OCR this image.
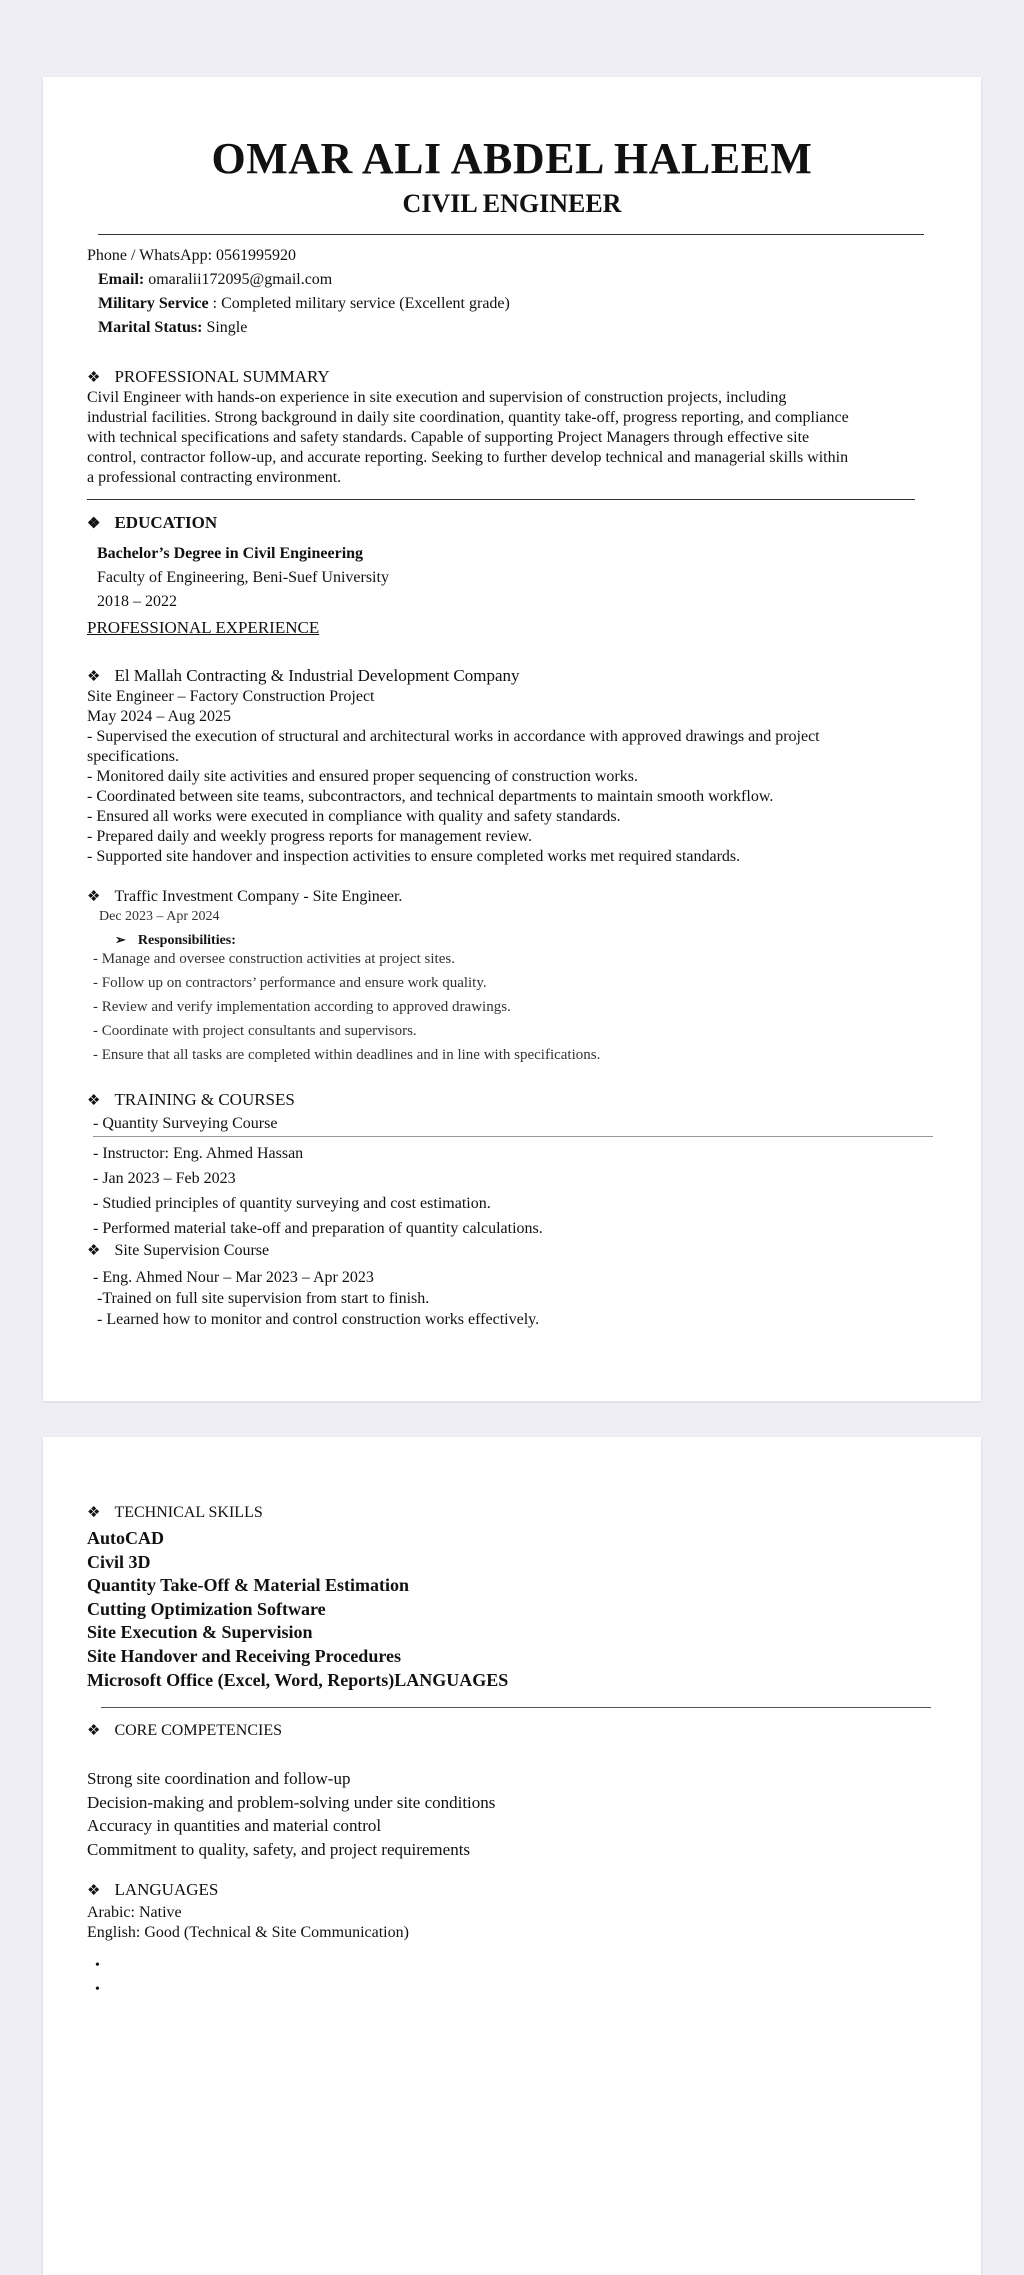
OMAR ALI ABDEL HALEEM
CIVIL ENGINEER
Phone / WhatsApp: 0561995920
Email: omaralii172095@gmail.com
Military Service : Completed military service (Excellent grade)
Marital Status: Single
❖ PROFESSIONAL SUMMARY
Civil Engineer with hands-on experience in site execution and supervision of construction projects, including
industrial facilities. Strong background in daily site coordination, quantity take-off, progress reporting, and compliance
with technical specifications and safety standards. Capable of supporting Project Managers through effective site
control, contractor follow-up, and accurate reporting. Seeking to further develop technical and managerial skills within
a professional contracting environment.
❖ EDUCATION
Bachelor’s Degree in Civil Engineering
Faculty of Engineering, Beni-Suef University
2018 – 2022
PROFESSIONAL EXPERIENCE
❖ El Mallah Contracting & Industrial Development Company
Site Engineer – Factory Construction Project
May 2024 – Aug 2025
- Supervised the execution of structural and architectural works in accordance with approved drawings and project
specifications.
- Monitored daily site activities and ensured proper sequencing of construction works.
- Coordinated between site teams, subcontractors, and technical departments to maintain smooth workflow.
- Ensured all works were executed in compliance with quality and safety standards.
- Prepared daily and weekly progress reports for management review.
- Supported site handover and inspection activities to ensure completed works met required standards.
❖ Traffic Investment Company - Site Engineer.
Dec 2023 – Apr 2024
➢ Responsibilities:
- Manage and oversee construction activities at project sites.
- Follow up on contractors’ performance and ensure work quality.
- Review and verify implementation according to approved drawings.
- Coordinate with project consultants and supervisors.
- Ensure that all tasks are completed within deadlines and in line with specifications.
❖ TRAINING & COURSES
- Quantity Surveying Course
- Instructor: Eng. Ahmed Hassan
- Jan 2023 – Feb 2023
- Studied principles of quantity surveying and cost estimation.
- Performed material take-off and preparation of quantity calculations.
❖ Site Supervision Course
- Eng. Ahmed Nour – Mar 2023 – Apr 2023
-Trained on full site supervision from start to finish.
- Learned how to monitor and control construction works effectively.
❖ TECHNICAL SKILLS
AutoCAD
Civil 3D
Quantity Take-Off & Material Estimation
Cutting Optimization Software
Site Execution & Supervision
Site Handover and Receiving Procedures
Microsoft Office (Excel, Word, Reports)LANGUAGES
❖ CORE COMPETENCIES
Strong site coordination and follow-up
Decision-making and problem-solving under site conditions
Accuracy in quantities and material control
Commitment to quality, safety, and project requirements
❖ LANGUAGES
Arabic: Native
English: Good (Technical & Site Communication)
•
•
